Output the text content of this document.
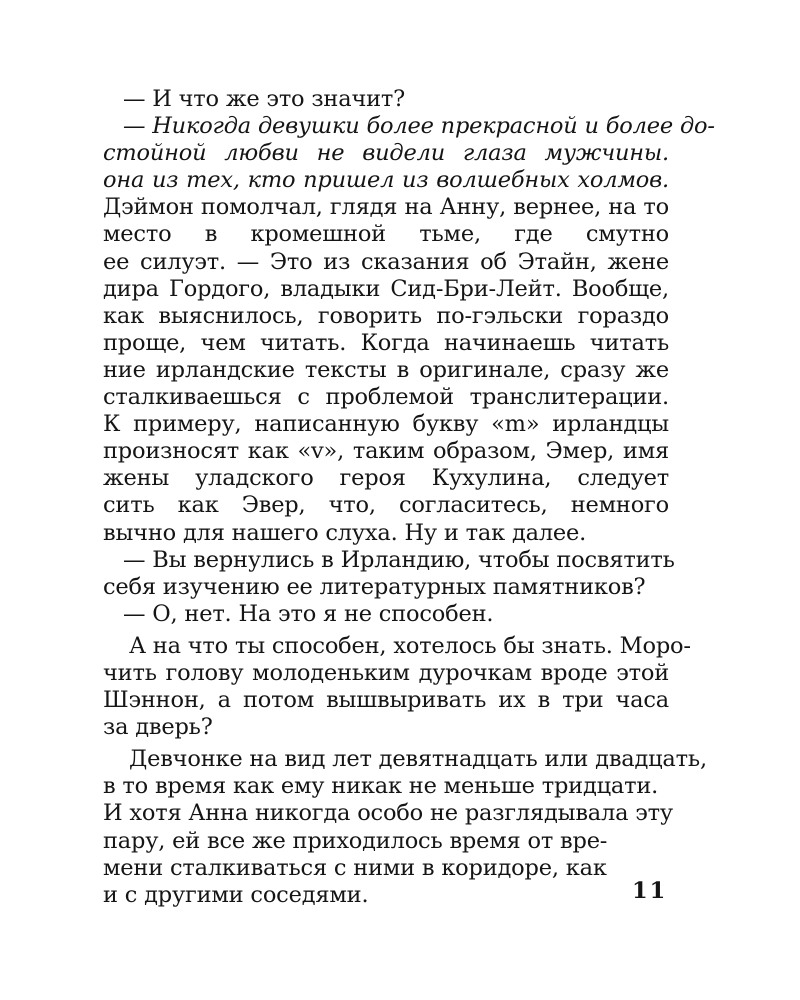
— И что же это значит?
— Никогда девушки более прекрасной и более до-
стойной любви не видели глаза мужчины.
она из тех, кто пришел из волшебных холмов.
Дэймон помолчал, глядя на Анну, вернее, на то
место в кромешной тьме, где смутно
ее силуэт. — Это из сказания об Этайн, жене
дира Гордого, владыки Сид-Бри-Лейт. Вообще,
как выяснилось, говорить по-гэльски гораздо
проще, чем читать. Когда начинаешь читать
ние ирландские тексты в оригинале, сразу же
сталкиваешься с проблемой транслитерации.
К примеру, написанную букву «m» ирландцы
произносят как «v», таким образом, Эмер, имя
жены уладского героя Кухулина, следует
сить как Эвер, что, согласитесь, немного
вычно для нашего слуха. Ну и так далее.
— Вы вернулись в Ирландию, чтобы посвятить
себя изучению ее литературных памятников?
— О, нет. На это я не способен.
А на что ты способен, хотелось бы знать. Моро-
чить голову молоденьким дурочкам вроде этой
Шэннон, а потом вышвыривать их в три часа
за дверь?
Девчонке на вид лет девятнадцать или двадцать,
в то время как ему никак не меньше тридцати.
И хотя Анна никогда особо не разглядывала эту
пару, ей все же приходилось время от вре-
мени сталкиваться с ними в коридоре, как
и с другими соседями.	11
